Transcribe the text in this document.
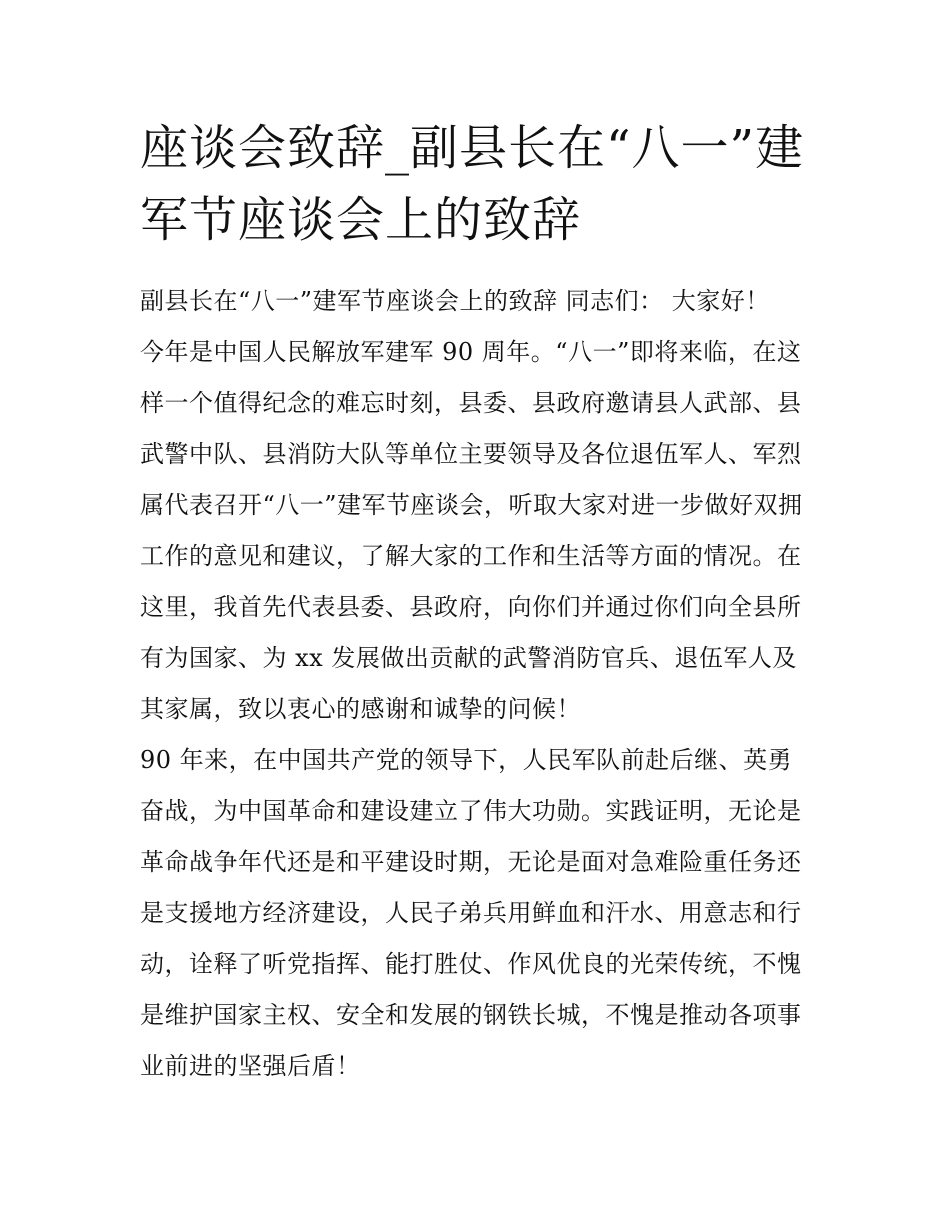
座谈会致辞_副县长在“八一”建
军节座谈会上的致辞
副县长在“八一”建军节座谈会上的致辞 同志们： 大家好！
今年是中国人民解放军建军 90 周年。“八一”即将来临，在这
样一个值得纪念的难忘时刻，县委、县政府邀请县人武部、县
武警中队、县消防大队等单位主要领导及各位退伍军人、军烈
属代表召开“八一”建军节座谈会，听取大家对进一步做好双拥
工作的意见和建议，了解大家的工作和生活等方面的情况。在
这里，我首先代表县委、县政府，向你们并通过你们向全县所
有为国家、为 xx 发展做出贡献的武警消防官兵、退伍军人及
其家属，致以衷心的感谢和诚挚的问候！
90 年来，在中国共产党的领导下，人民军队前赴后继、英勇
奋战，为中国革命和建设建立了伟大功勋。实践证明，无论是
革命战争年代还是和平建设时期，无论是面对急难险重任务还
是支援地方经济建设，人民子弟兵用鲜血和汗水、用意志和行
动，诠释了听党指挥、能打胜仗、作风优良的光荣传统，不愧
是维护国家主权、安全和发展的钢铁长城，不愧是推动各项事
业前进的坚强后盾！
